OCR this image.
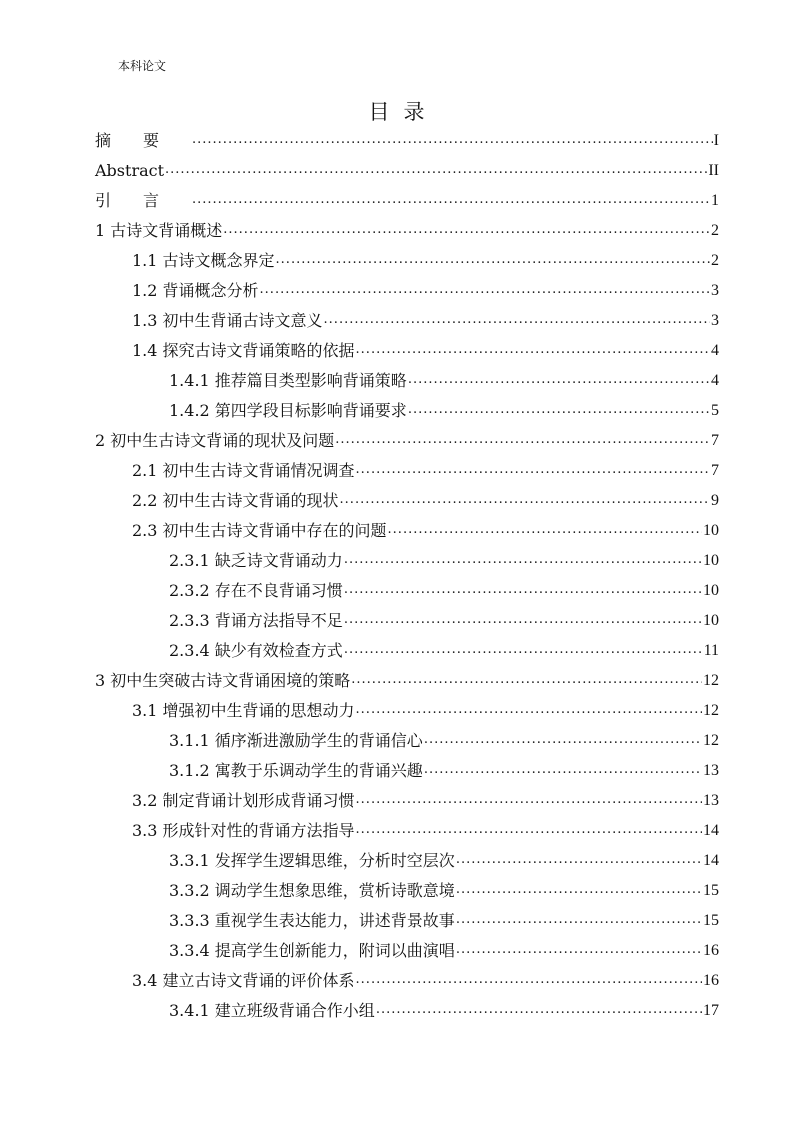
本科论文
目录
摘要 .....	I
Abstract .....	II
引言 .....	1
1 古诗文背诵概述 .....	2
1.1 古诗文概念界定 .....	2
1.2 背诵概念分析 .....	3
1.3 初中生背诵古诗文意义 .....	3
1.4 探究古诗文背诵策略的依据 .....	4
1.4.1 推荐篇目类型影响背诵策略 .....	4
1.4.2 第四学段目标影响背诵要求 .....	5
2 初中生古诗文背诵的现状及问题 .....	7
2.1 初中生古诗文背诵情况调查 .....	7
2.2 初中生古诗文背诵的现状 .....	9
2.3 初中生古诗文背诵中存在的问题 .....	10
2.3.1 缺乏诗文背诵动力 .....	10
2.3.2 存在不良背诵习惯 .....	10
2.3.3 背诵方法指导不足 .....	10
2.3.4 缺少有效检查方式 .....	11
3 初中生突破古诗文背诵困境的策略 .....	12
3.1 增强初中生背诵的思想动力 .....	12
3.1.1 循序渐进激励学生的背诵信心 .....	12
3.1.2 寓教于乐调动学生的背诵兴趣 .....	13
3.2 制定背诵计划形成背诵习惯 .....	13
3.3 形成针对性的背诵方法指导 .....	14
3.3.1 发挥学生逻辑思维，分析时空层次 .....	14
3.3.2 调动学生想象思维，赏析诗歌意境 .....	15
3.3.3 重视学生表达能力，讲述背景故事 .....	15
3.3.4 提高学生创新能力，附词以曲演唱 .....	16
3.4 建立古诗文背诵的评价体系 .....	16
3.4.1 建立班级背诵合作小组 .....	17
